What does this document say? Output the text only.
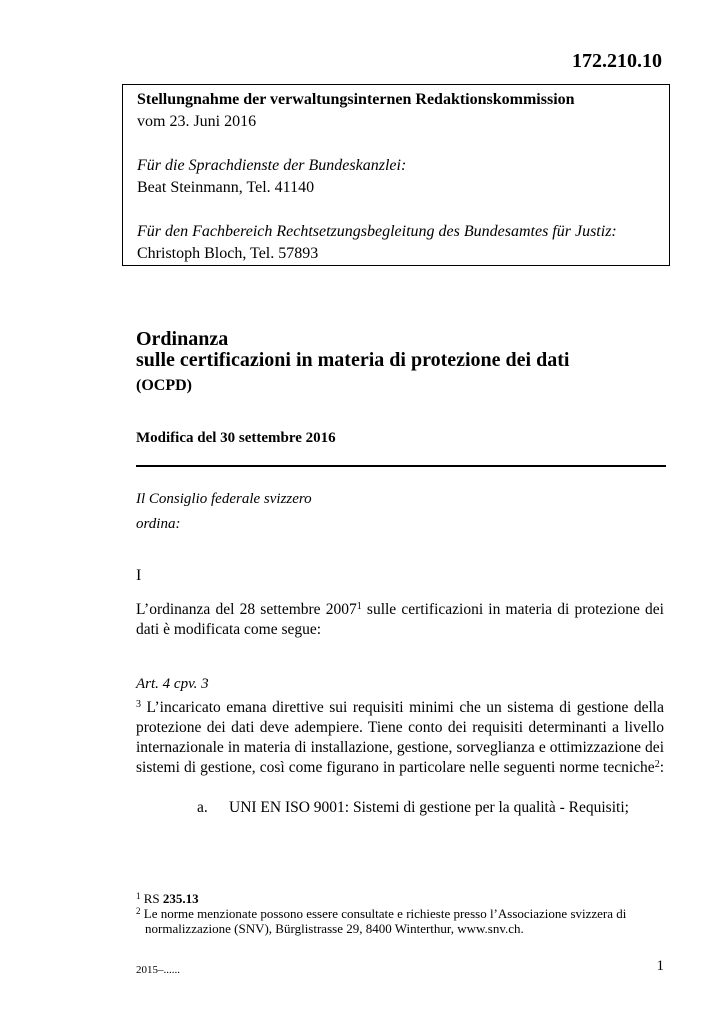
172.210.10
Stellungnahme der verwaltungsinternen Redaktionskommission
vom 23. Juni 2016
Für die Sprachdienste der Bundeskanzlei:
Beat Steinmann, Tel. 41140
Für den Fachbereich Rechtsetzungsbegleitung des Bundesamtes für Justiz:
Christoph Bloch, Tel. 57893
Ordinanza
sulle certificazioni in materia di protezione dei dati
(OCPD)
Modifica del 30 settembre 2016
Il Consiglio federale svizzero
ordina:
I
L’ordinanza del 28 settembre 2007$^1$ sulle certificazioni in materia di protezione dei
dati è modificata come segue:
Art. 4 cpv. 3
$^3$ L’incaricato emana direttive sui requisiti minimi che un sistema di gestione della
protezione dei dati deve adempiere. Tiene conto dei requisiti determinanti a livello
internazionale in materia di installazione, gestione, sorveglianza e ottimizzazione dei
sistemi di gestione, così come figurano in particolare nelle seguenti norme tecniche$^2$:
a. UNI EN ISO 9001: Sistemi di gestione per la qualità - Requisiti;
$^1$ RS 235.13
$^2$ Le norme menzionate possono essere consultate e richieste presso l’Associazione svizzera di
normalizzazione (SNV), Bürglistrasse 29, 8400 Winterthur, www.snv.ch.
2015–......	1
